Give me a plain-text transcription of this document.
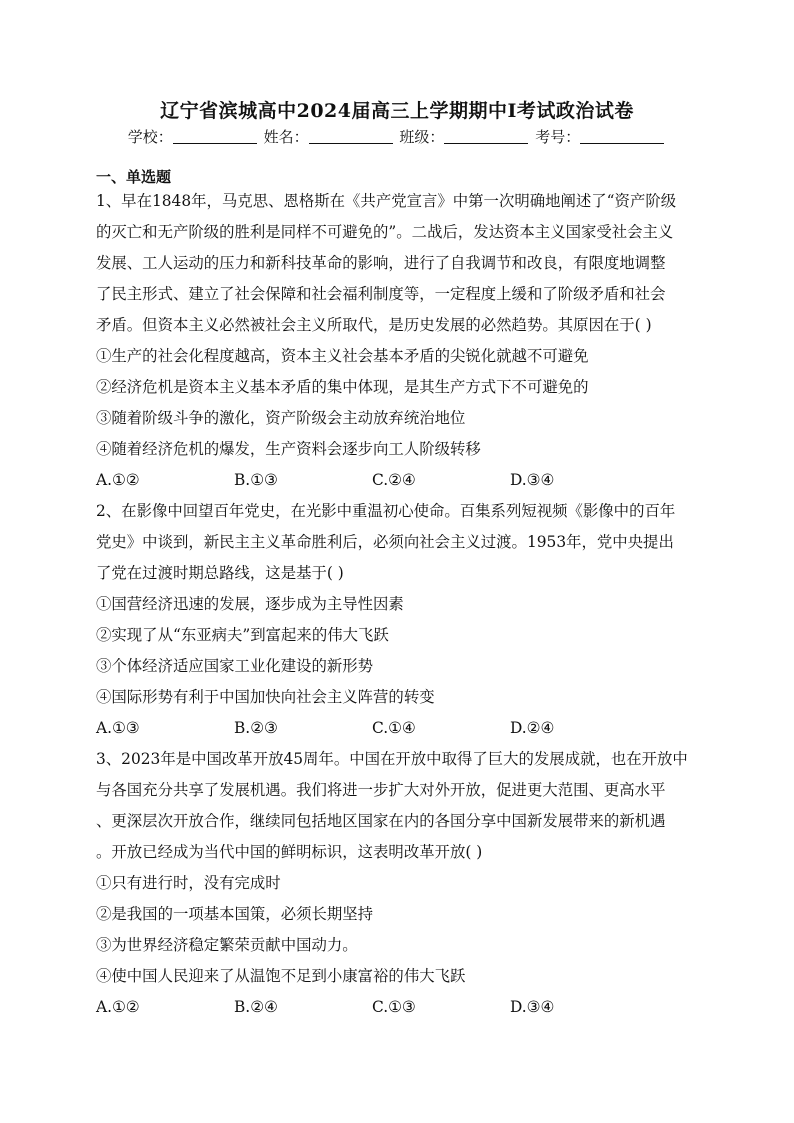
辽宁省滨城高中2024届高三上学期期中Ⅰ考试政治试卷
学校：	姓名：	班级：	考号：
一、单选题
1、早在1848年，马克思、恩格斯在《共产党宣言》中第一次明确地阐述了“资产阶级
的灭亡和无产阶级的胜利是同样不可避免的”。二战后，发达资本主义国家受社会主义
发展、工人运动的压力和新科技革命的影响，进行了自我调节和改良，有限度地调整
了民主形式、建立了社会保障和社会福利制度等，一定程度上缓和了阶级矛盾和社会
矛盾。但资本主义必然被社会主义所取代，是历史发展的必然趋势。其原因在于( )
①生产的社会化程度越高，资本主义社会基本矛盾的尖锐化就越不可避免
②经济危机是资本主义基本矛盾的集中体现，是其生产方式下不可避免的
③随着阶级斗争的激化，资产阶级会主动放弃统治地位
④随着经济危机的爆发，生产资料会逐步向工人阶级转移
A.①②	B.①③	C.②④	D.③④
2、在影像中回望百年党史，在光影中重温初心使命。百集系列短视频《影像中的百年
党史》中谈到，新民主主义革命胜利后，必须向社会主义过渡。1953年，党中央提出
了党在过渡时期总路线，这是基于( )
①国营经济迅速的发展，逐步成为主导性因素
②实现了从“东亚病夫”到富起来的伟大飞跃
③个体经济适应国家工业化建设的新形势
④国际形势有利于中国加快向社会主义阵营的转变
A.①③	B.②③	C.①④	D.②④
3、2023年是中国改革开放45周年。中国在开放中取得了巨大的发展成就，也在开放中
与各国充分共享了发展机遇。我们将进一步扩大对外开放，促进更大范围、更高水平
、更深层次开放合作，继续同包括地区国家在内的各国分享中国新发展带来的新机遇
。开放已经成为当代中国的鲜明标识，这表明改革开放( )
①只有进行时，没有完成时
②是我国的一项基本国策，必须长期坚持
③为世界经济稳定繁荣贡献中国动力。
④使中国人民迎来了从温饱不足到小康富裕的伟大飞跃
A.①②	B.②④	C.①③	D.③④
